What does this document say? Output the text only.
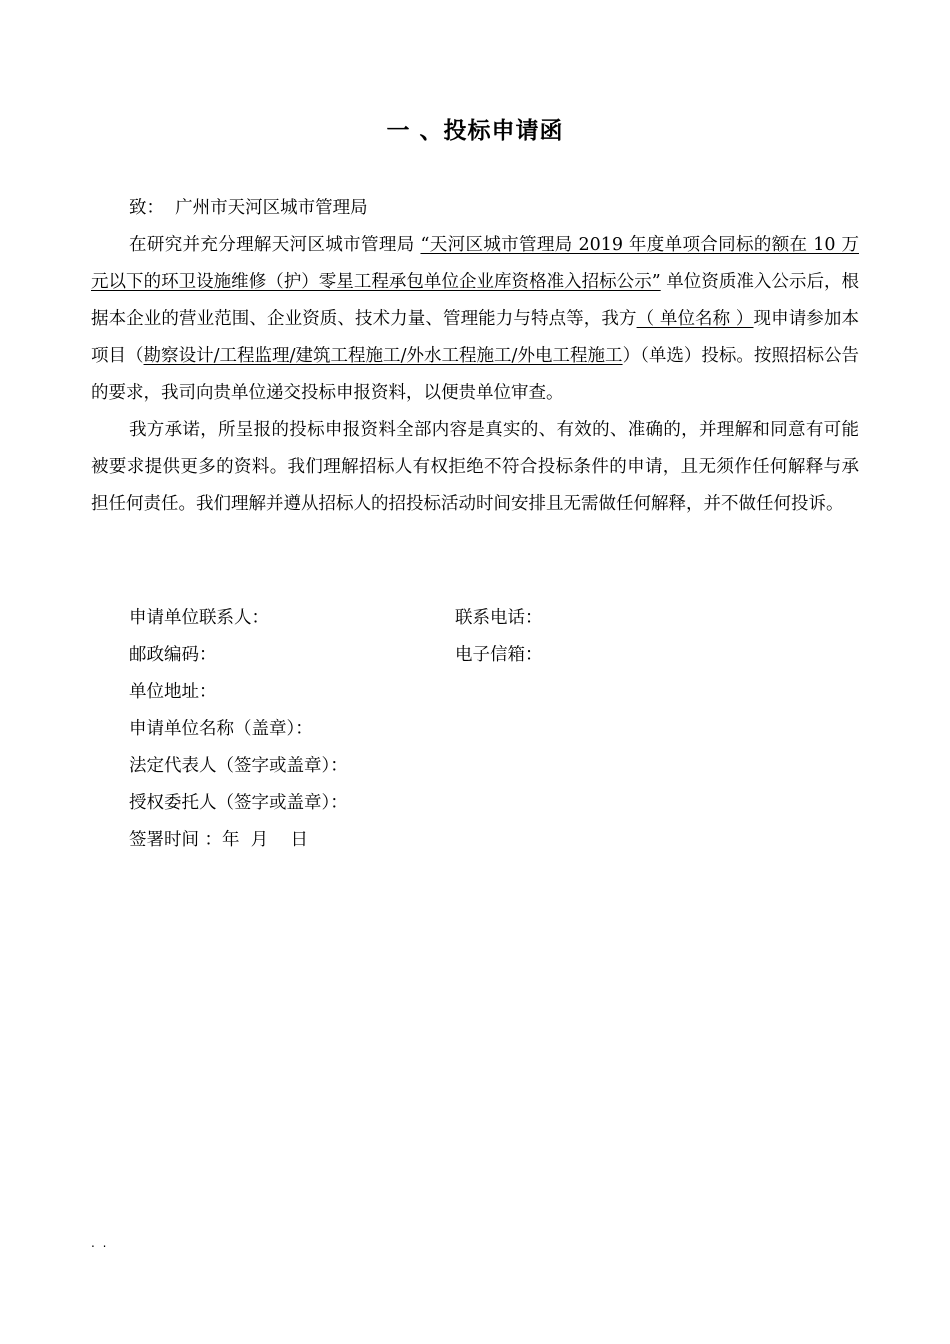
一 、投标申请函

致： 广州市天河区城市管理局

在研究并充分理解天河区城市管理局 “天河区城市管理局 2019 年度单项合同标的额在 10 万元以下的环卫设施维修（护）零星工程承包单位企业库资格准入招标公示” 单位资质准入公示后，根据本企业的营业范围、企业资质、技术力量、管理能力与特点等，我方（ 单位名称 ）现申请参加本项目（勘察设计/工程监理/建筑工程施工/外水工程施工/外电工程施工）（单选）投标。按照招标公告的要求，我司向贵单位递交投标申报资料，以便贵单位审查。

我方承诺，所呈报的投标申报资料全部内容是真实的、有效的、准确的，并理解和同意有可能被要求提供更多的资料。我们理解招标人有权拒绝不符合投标条件的申请，且无须作任何解释与承担任何责任。我们理解并遵从招标人的招投标活动时间安排且无需做任何解释，并不做任何投诉。

申请单位联系人：	联系电话：
邮政编码：	电子信箱：
单位地址：
申请单位名称（盖章）：
法定代表人（签字或盖章）：
授权委托人（签字或盖章）：
签署时间 ：年  月    日
. .
